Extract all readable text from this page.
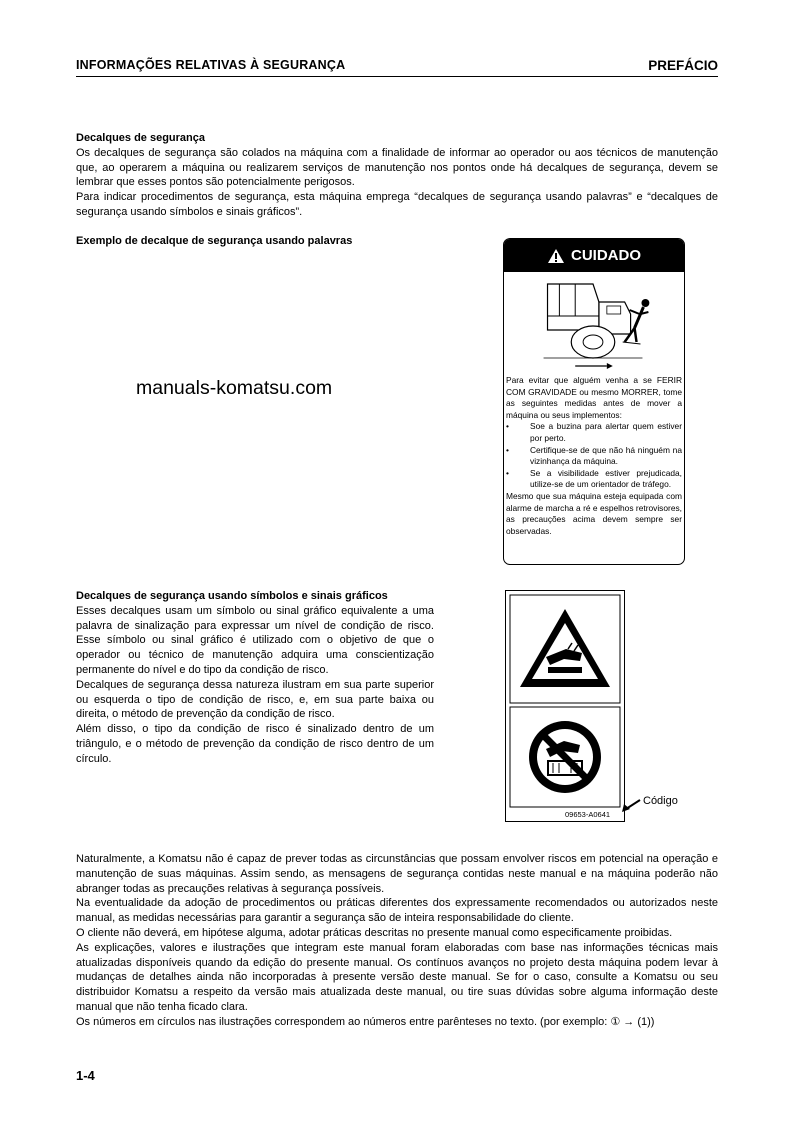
INFORMAÇÕES RELATIVAS À SEGURANÇA	PREFÁCIO

Decalques de segurança

Os decalques de segurança são colados na máquina com a finalidade de informar ao operador ou aos técnicos de manutenção que, ao operarem a máquina ou realizarem serviços de manutenção nos pontos onde há decalques de segurança, devem se lembrar que esses pontos são potencialmente perigosos.

Para indicar procedimentos de segurança, esta máquina emprega “decalques de segurança usando palavras” e “decalques de segurança usando símbolos e sinais gráficos”.

Exemplo de decalque de segurança usando palavras
manuals-komatsu.com
CUIDADO

Para evitar que alguém venha a se FERIR COM GRAVIDADE ou mesmo MORRER, tome as seguintes medidas antes de mover a máquina ou seus implementos:

•	Soe a buzina para alertar quem estiver por perto.
•	Certifique-se de que não há ninguém na vizinhança da máquina.
•	Se a visibilidade estiver prejudicada, utilize-se de um orientador de tráfego.

Mesmo que sua máquina esteja equipada com alarme de marcha a ré e espelhos retrovisores, as precauções acima devem sempre ser observadas.

Decalques de segurança usando símbolos e sinais gráficos

Esses decalques usam um símbolo ou sinal gráfico equivalente a uma palavra de sinalização para expressar um nível de condição de risco. Esse símbolo ou sinal gráfico é utilizado com o objetivo de que o operador ou técnico de manutenção adquira uma conscientização permanente do nível e do tipo da condição de risco.

Decalques de segurança dessa natureza ilustram em sua parte superior ou esquerda o tipo de condição de risco, e, em sua parte baixa ou direita, o método de prevenção da condição de risco.

Além disso, o tipo da condição de risco é sinalizado dentro de um triângulo, e o método de prevenção da condição de risco dentro de um círculo.

09653-A0641
Código

Naturalmente, a Komatsu não é capaz de prever todas as circunstâncias que possam envolver riscos em potencial na operação e manutenção de suas máquinas. Assim sendo, as mensagens de segurança contidas neste manual e na máquina poderão não abranger todas as precauções relativas à segurança possíveis.

Na eventualidade da adoção de procedimentos ou práticas diferentes dos expressamente recomendados ou autorizados neste manual, as medidas necessárias para garantir a segurança são de inteira responsabilidade do cliente.

O cliente não deverá, em hipótese alguma, adotar práticas descritas no presente manual como especificamente proibidas.

As explicações, valores e ilustrações que integram este manual foram elaboradas com base nas informações técnicas mais atualizadas disponíveis quando da edição do presente manual. Os contínuos avanços no projeto desta máquina podem levar à mudanças de detalhes ainda não incorporadas à presente versão deste manual. Se for o caso, consulte a Komatsu ou seu distribuidor Komatsu a respeito da versão mais atualizada deste manual, ou tire suas dúvidas sobre alguma informação deste manual que não tenha ficado clara.

Os números em círculos nas ilustrações correspondem ao números entre parênteses no texto. (por exemplo: ① → (1))

1-4
